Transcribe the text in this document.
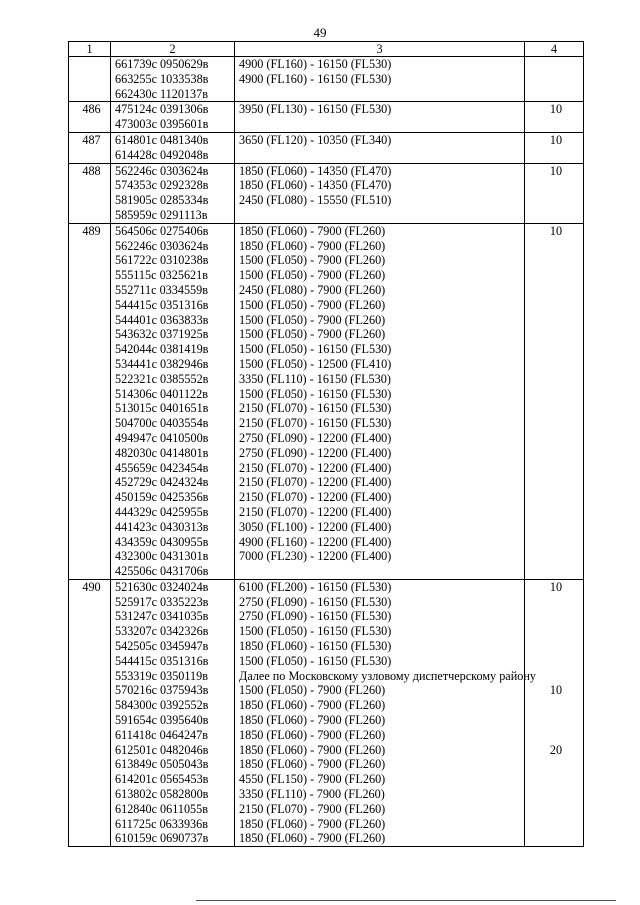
49
1	2	3	4
	661739с 0950629в	4900 (FL160) - 16150 (FL530)	
	663255с 1033538в	4900 (FL160) - 16150 (FL530)	
	662430с 1120137в		
486	475124с 0391306в	3950 (FL130) - 16150 (FL530)	10
	473003с 0395601в		
487	614801с 0481340в	3650 (FL120) - 10350 (FL340)	10
	614428с 0492048в		
488	562246с 0303624в	1850 (FL060) - 14350 (FL470)	10
	574353с 0292328в	1850 (FL060) - 14350 (FL470)	
	581905с 0285334в	2450 (FL080) - 15550 (FL510)	
	585959с 0291113в		
489	564506с 0275406в	1850 (FL060) - 7900 (FL260)	10
	562246с 0303624в	1850 (FL060) - 7900 (FL260)	
	561722с 0310238в	1500 (FL050) - 7900 (FL260)	
	555115с 0325621в	1500 (FL050) - 7900 (FL260)	
	552711с 0334559в	2450 (FL080) - 7900 (FL260)	
	544415с 0351316в	1500 (FL050) - 7900 (FL260)	
	544401с 0363833в	1500 (FL050) - 7900 (FL260)	
	543632с 0371925в	1500 (FL050) - 7900 (FL260)	
	542044с 0381419в	1500 (FL050) - 16150 (FL530)	
	534441с 0382946в	1500 (FL050) - 12500 (FL410)	
	522321с 0385552в	3350 (FL110) - 16150 (FL530)	
	514306с 0401122в	1500 (FL050) - 16150 (FL530)	
	513015с 0401651в	2150 (FL070) - 16150 (FL530)	
	504700с 0403554в	2150 (FL070) - 16150 (FL530)	
	494947с 0410500в	2750 (FL090) - 12200 (FL400)	
	482030с 0414801в	2750 (FL090) - 12200 (FL400)	
	455659с 0423454в	2150 (FL070) - 12200 (FL400)	
	452729с 0424324в	2150 (FL070) - 12200 (FL400)	
	450159с 0425356в	2150 (FL070) - 12200 (FL400)	
	444329с 0425955в	2150 (FL070) - 12200 (FL400)	
	441423с 0430313в	3050 (FL100) - 12200 (FL400)	
	434359с 0430955в	4900 (FL160) - 12200 (FL400)	
	432300с 0431301в	7000 (FL230) - 12200 (FL400)	
	425506с 0431706в		
490	521630с 0324024в	6100 (FL200) - 16150 (FL530)	10
	525917с 0335223в	2750 (FL090) - 16150 (FL530)	
	531247с 0341035в	2750 (FL090) - 16150 (FL530)	
	533207с 0342326в	1500 (FL050) - 16150 (FL530)	
	542505с 0345947в	1850 (FL060) - 16150 (FL530)	
	544415с 0351316в	1500 (FL050) - 16150 (FL530)	
	553319с 0350119в	Далее по Московскому узловому диспетчерскому району	
	570216с 0375943в	1500 (FL050) - 7900 (FL260)	10
	584300с 0392552в	1850 (FL060) - 7900 (FL260)	
	591654с 0395640в	1850 (FL060) - 7900 (FL260)	
	611418с 0464247в	1850 (FL060) - 7900 (FL260)	
	612501с 0482046в	1850 (FL060) - 7900 (FL260)	20
	613849с 0505043в	1850 (FL060) - 7900 (FL260)	
	614201с 0565453в	4550 (FL150) - 7900 (FL260)	
	613802с 0582800в	3350 (FL110) - 7900 (FL260)	
	612840с 0611055в	2150 (FL070) - 7900 (FL260)	
	611725с 0633936в	1850 (FL060) - 7900 (FL260)	
	610159с 0690737в	1850 (FL060) - 7900 (FL260)	
